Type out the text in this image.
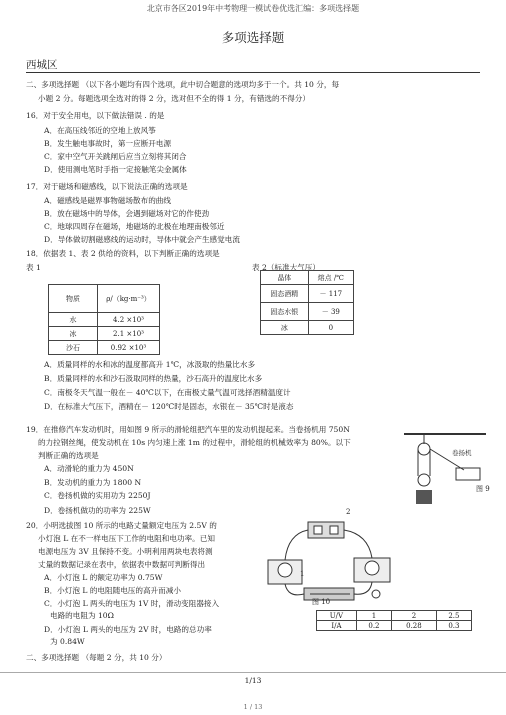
北京市各区2019年中考物理一模试卷优选汇编：多项选择题
多项选择题
西城区
二、多项选择题 （以下各小题均有四个选项，此中切合题意的选项均多于一个。共 10 分，每
小题 2 分。每题选项全选对的得 2 分，选对但不全的得 1 分，有错选的不得分）
16．对于安全用电，以下做法错误 . 的是
A．在高压线邻近的空地上放风筝
B．发生触电事故时，第一应断开电源
C．家中空气开关跳闸后应当立刻将其闭合
D．使用测电笔时手指一定接触笔尖金属体
17．对于磁场和磁感线，以下说法正确的选项是
A．磁感线是磁界事物磁场散布的曲线
B．放在磁场中的导体，会遇到磁场对它的作使劲
C．地球四周存在磁场，地磁场的北极在地理南极邻近
D．导体做切割磁感线的运动时，导体中就会产生感觉电流
18．依据表 1、表 2 供给的资料，以下判断正确的选项是
表 1	表 2（标准大气压）
物质	ρ/（kg·m⁻³）
水	4.2 ×10³
冰	2.1 ×10³
沙石	0.92 ×10³
晶体	熔点 /℃
固态酒精	－ 117
固态水银	－ 39
冰	0
A．质量同样的水和冰的温度都高升 1℃，冰汲取的热量比水多
B．质量同样的水和沙石汲取同样的热量，沙石高升的温度比水多
C．南极冬天气温一般在－ 40℃以下，在南极丈量气温可选择酒精温度计
D．在标准大气压下，酒精在－ 120℃时是固态，水银在－ 35℃时是液态
19．在推修汽车发动机时，用如图 9 所示的滑轮组把汽车里的发动机提起来。当卷扬机用 750N
的力拉钢丝绳，使发动机在 10s 内匀速上涨 1m 的过程中，滑轮组的机械效率为 80%。以下
判断正确的选项是
A．动滑轮的重力为 450N
B．发动机的重力为 1800 N
C．卷扬机做的实用功为 2250J
D．卷扬机做功的功率为 225W
卷扬机
图 9
20．小明选拔图 10 所示的电路丈量额定电压为 2.5V 的
小灯泡 L 在不一样电压下工作的电阻和电功率。已知
电源电压为 3V 且保持不变。小明利用两块电表将测
丈量的数据记录在表中，依据表中数据可判断得出
A．小灯泡 L 的额定功率为 0.75W
B．小灯泡 L 的电阻随电压的高升而减小
C．小灯泡 L 两头的电压为 1V 时，滑动变阻器接入
电路的电阻为 10Ω
D．小灯泡 L 两头的电压为 2V 时，电路的总功率
为 0.84W
2
1
图 10
U/V	1	2	2.5
I/A	0.2	0.28	0.3
二、多项选择题 （每题 2 分，共 10 分）
1/13
1 / 13
